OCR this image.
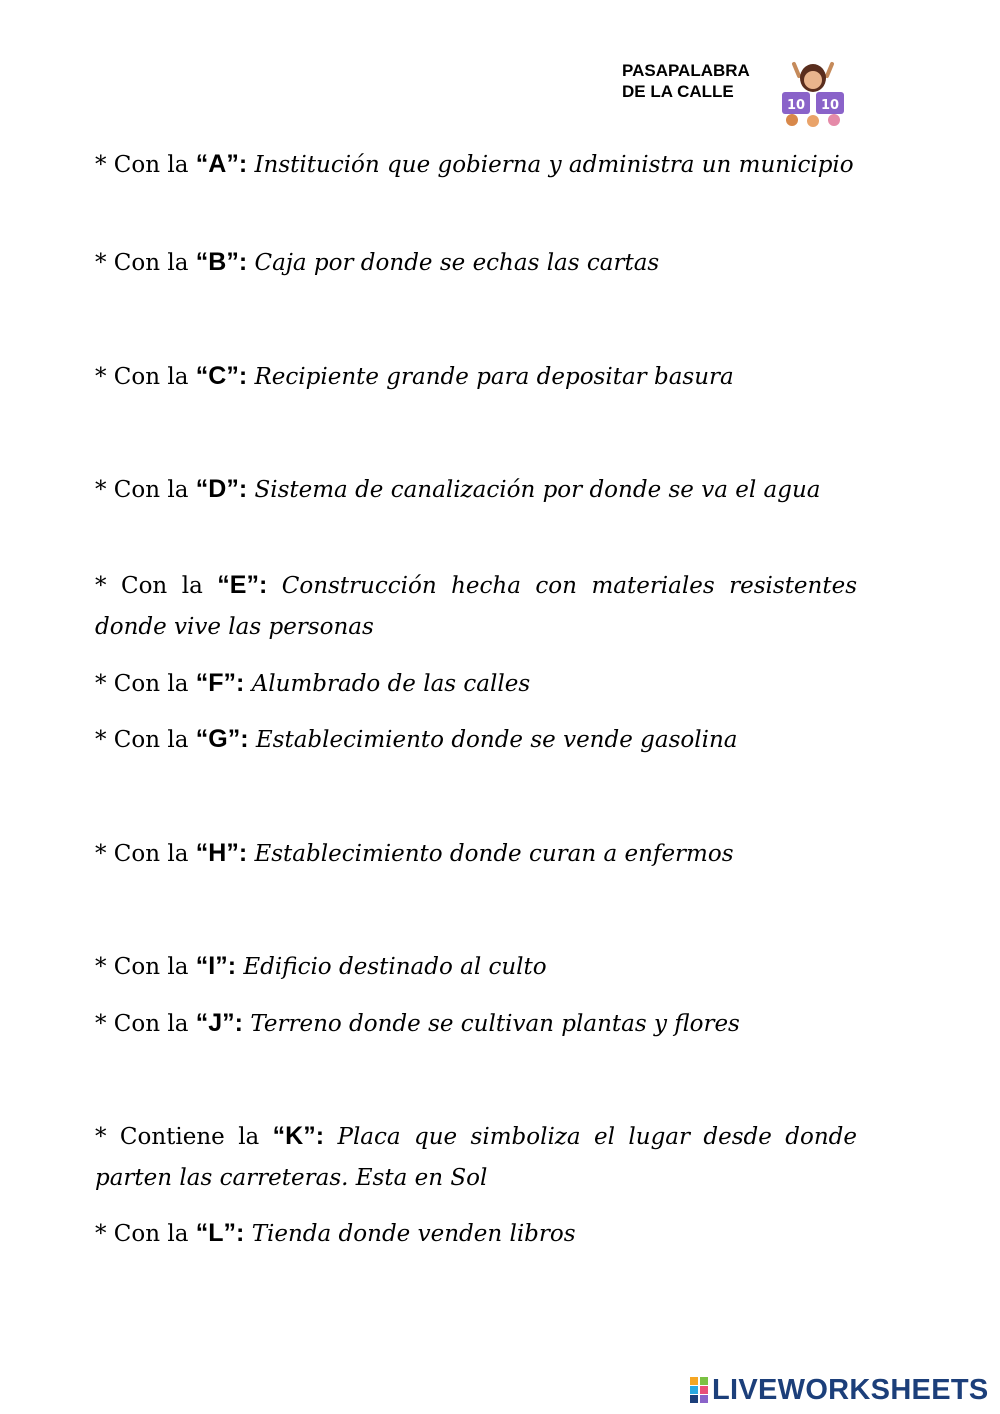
PASAPALABRA
DE LA CALLE
10 10
* Con la “A”: Institución que gobierna y administra un municipio
* Con la “B”: Caja por donde se echas las cartas
* Con la “C”: Recipiente grande para depositar basura
* Con la “D”: Sistema de canalización por donde se va el agua
* Con la “E”: Construcción hecha con materiales resistentes donde vive las personas
* Con la “F”: Alumbrado de las calles
* Con la “G”: Establecimiento donde se vende gasolina
* Con la “H”: Establecimiento donde curan a enfermos
* Con la “I”: Edificio destinado al culto
* Con la “J”: Terreno donde se cultivan plantas y flores
* Contiene la “K”: Placa que simboliza el lugar desde donde parten las carreteras. Esta en Sol
* Con la “L”: Tienda donde venden libros
LIVEWORKSHEETS
